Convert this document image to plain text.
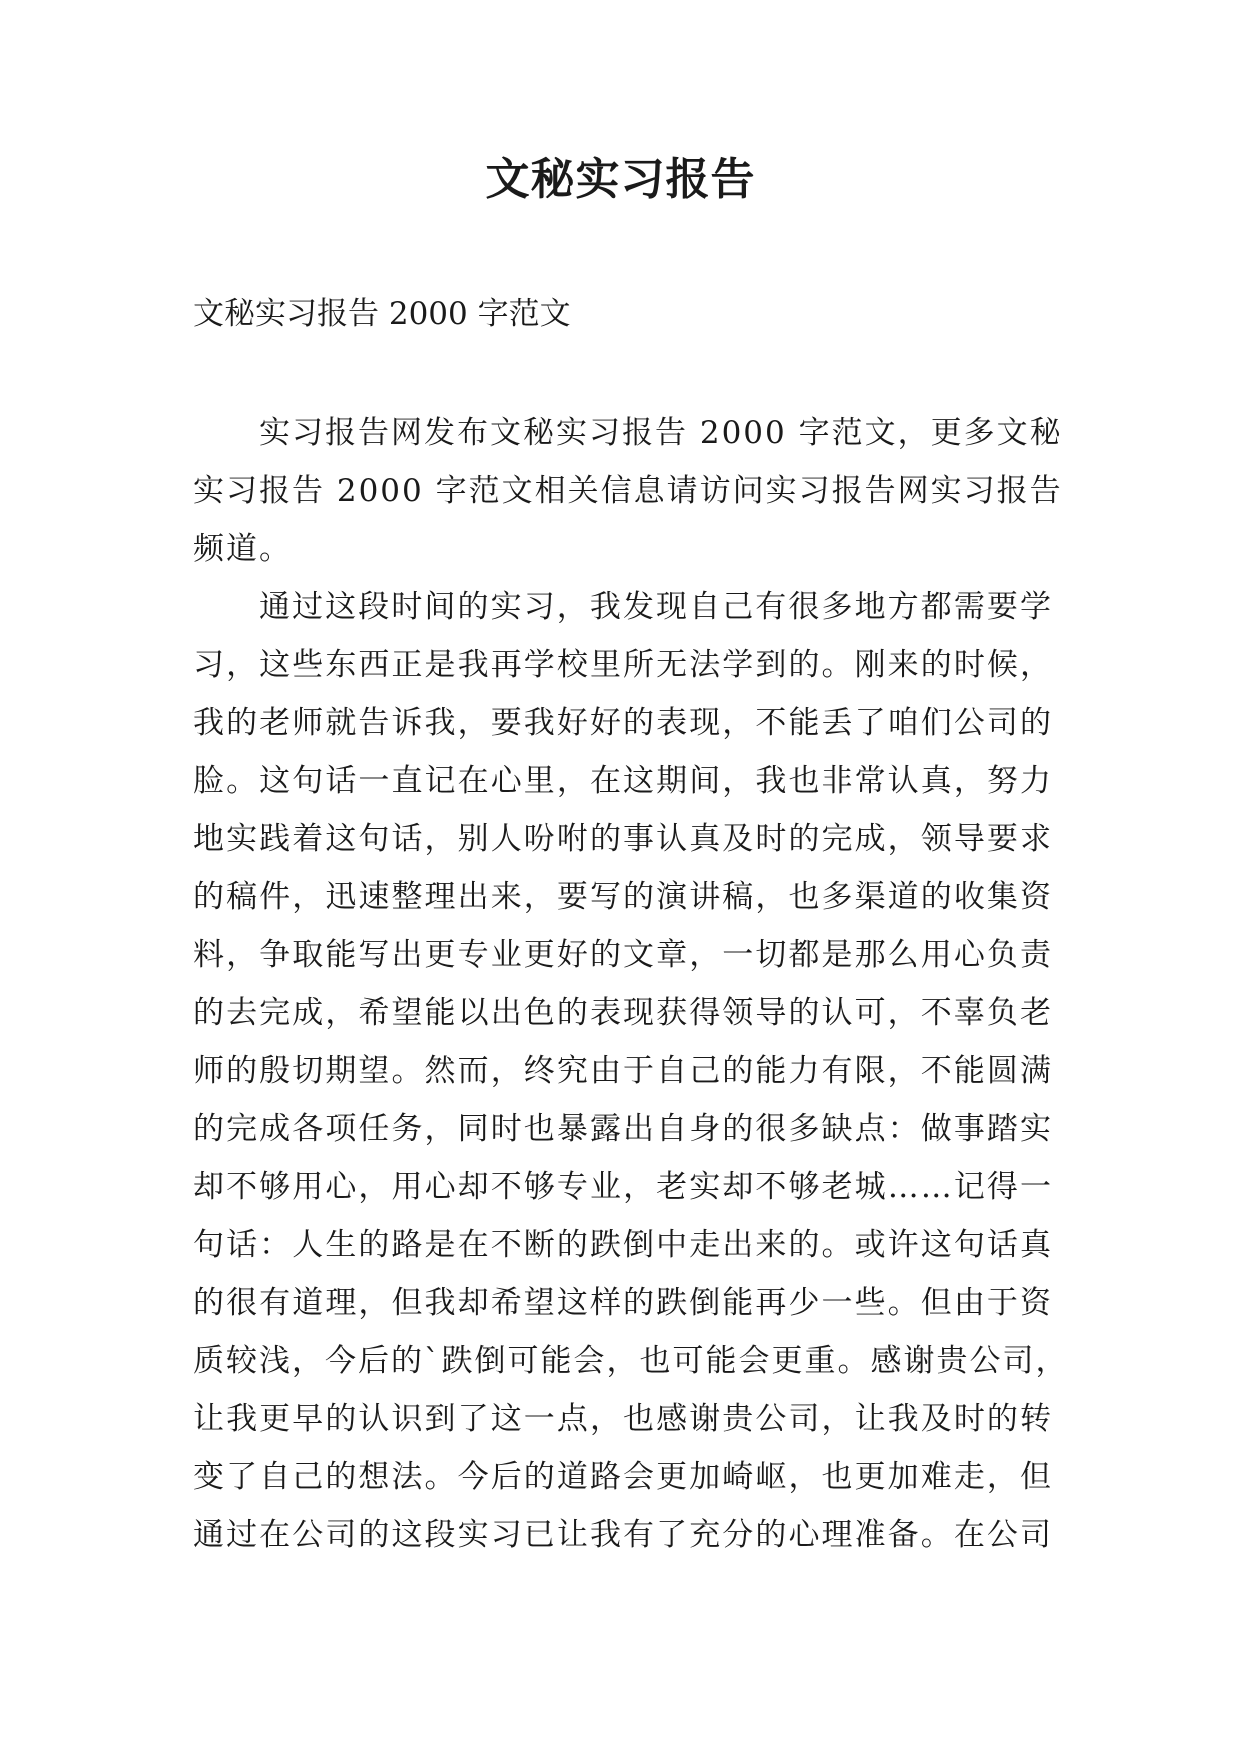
文秘实习报告
文秘实习报告 2000 字范文
实习报告网发布文秘实习报告 2000 字范文，更多文秘
实习报告 2000 字范文相关信息请访问实习报告网实习报告
频道。
通过这段时间的实习，我发现自己有很多地方都需要学
习，这些东西正是我再学校里所无法学到的。刚来的时候，
我的老师就告诉我，要我好好的表现，不能丢了咱们公司的
脸。这句话一直记在心里，在这期间，我也非常认真，努力
地实践着这句话，别人吩咐的事认真及时的完成，领导要求
的稿件，迅速整理出来，要写的演讲稿，也多渠道的收集资
料，争取能写出更专业更好的文章，一切都是那么用心负责
的去完成，希望能以出色的表现获得领导的认可，不辜负老
师的殷切期望。然而，终究由于自己的能力有限，不能圆满
的完成各项任务，同时也暴露出自身的很多缺点：做事踏实
却不够用心，用心却不够专业，老实却不够老城……记得一
句话：人生的路是在不断的跌倒中走出来的。或许这句话真
的很有道理，但我却希望这样的跌倒能再少一些。但由于资
质较浅，今后的`跌倒可能会，也可能会更重。感谢贵公司，
让我更早的认识到了这一点，也感谢贵公司，让我及时的转
变了自己的想法。今后的道路会更加崎岖，也更加难走，但
通过在公司的这段实习已让我有了充分的心理准备。在公司
